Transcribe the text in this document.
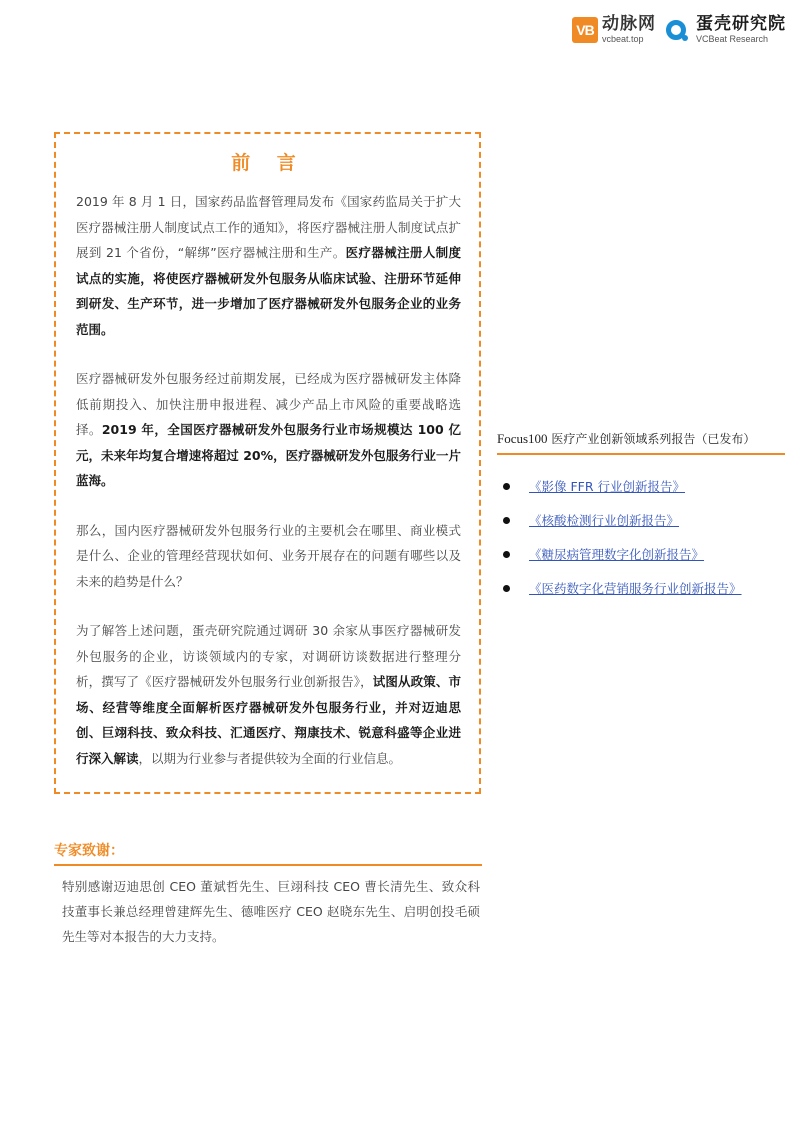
VB 动脉网
vcbeat.top
蛋壳研究院
VCBeat Research
前 言

2019 年 8 月 1 日，国家药品监督管理局发布《国家药监局关于扩大医疗器械注册人制度试点工作的通知》，将医疗器械注册人制度试点扩展到 21 个省份，“解绑”医疗器械注册和生产。医疗器械注册人制度试点的实施，将使医疗器械研发外包服务从临床试验、注册环节延伸到研发、生产环节，进一步增加了医疗器械研发外包服务企业的业务范围。

医疗器械研发外包服务经过前期发展，已经成为医疗器械研发主体降低前期投入、加快注册申报进程、减少产品上市风险的重要战略选择。2019 年，全国医疗器械研发外包服务行业市场规模达 100 亿元，未来年均复合增速将超过 20%，医疗器械研发外包服务行业一片蓝海。

那么，国内医疗器械研发外包服务行业的主要机会在哪里、商业模式是什么、企业的管理经营现状如何、业务开展存在的问题有哪些以及未来的趋势是什么？

为了解答上述问题，蛋壳研究院通过调研 30 余家从事医疗器械研发外包服务的企业，访谈领域内的专家，对调研访谈数据进行整理分析，撰写了《医疗器械研发外包服务行业创新报告》，试图从政策、市场、经营等维度全面解析医疗器械研发外包服务行业，并对迈迪思创、巨翊科技、致众科技、汇通医疗、翔康技术、锐意科盛等企业进行深入解读，以期为行业参与者提供较为全面的行业信息。

Focus100 医疗产业创新领域系列报告（已发布）
《影像 FFR 行业创新报告》
《核酸检测行业创新报告》
《糖尿病管理数字化创新报告》
《医药数字化营销服务行业创新报告》
专家致谢：

特别感谢迈迪思创 CEO 董斌哲先生、巨翊科技 CEO 曹长清先生、致众科技董事长兼总经理曾建辉先生、德唯医疗 CEO 赵晓东先生、启明创投毛硕先生等对本报告的大力支持。
